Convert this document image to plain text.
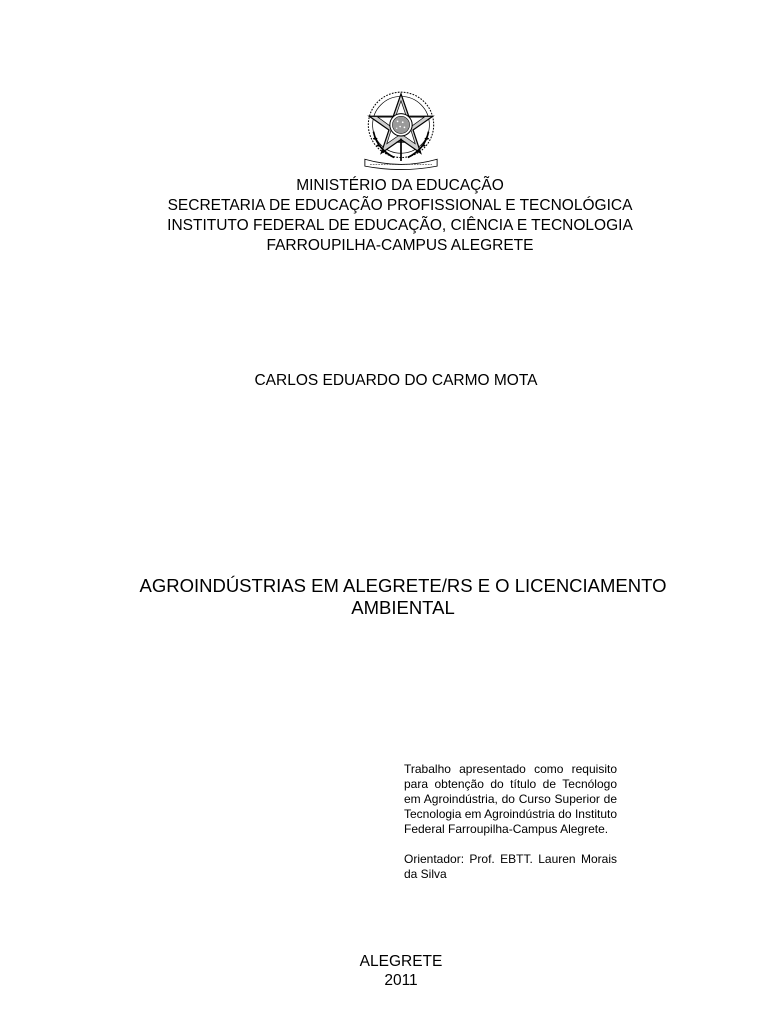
MINISTÉRIO DA EDUCAÇÃO
SECRETARIA DE EDUCAÇÃO PROFISSIONAL E TECNOLÓGICA
INSTITUTO FEDERAL DE EDUCAÇÃO, CIÊNCIA E TECNOLOGIA
FARROUPILHA-CAMPUS ALEGRETE
CARLOS EDUARDO DO CARMO MOTA
AGROINDÚSTRIAS EM ALEGRETE/RS E O LICENCIAMENTO
AMBIENTAL

Trabalho apresentado como requisito para obtenção do título de Tecnólogo em Agroindústria, do Curso Superior de Tecnologia em Agroindústria do Instituto Federal Farroupilha-Campus Alegrete.

Orientador: Prof. EBTT. Lauren Morais da Silva

ALEGRETE
2011
